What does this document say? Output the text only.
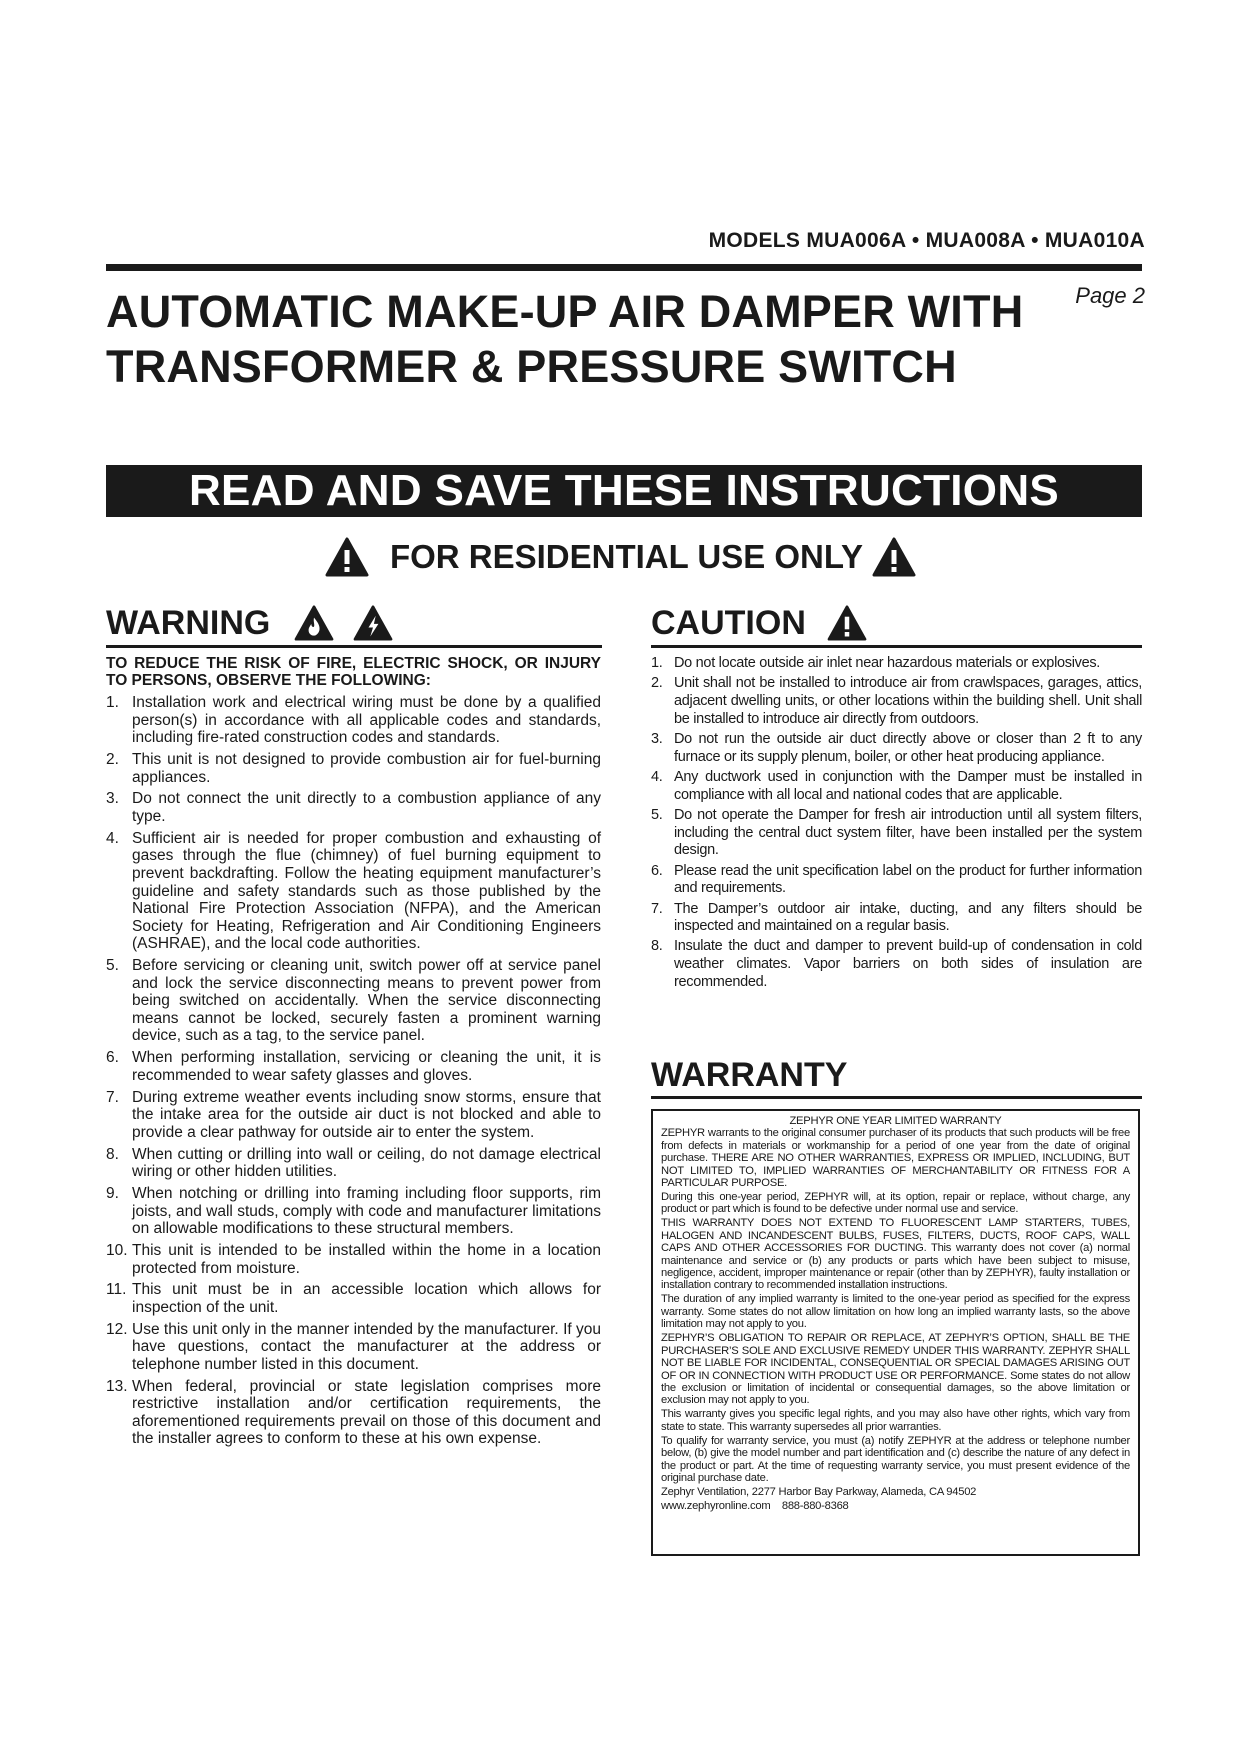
MODELS MUA006A • MUA008A • MUA010A
Page 2
AUTOMATIC MAKE-UP AIR DAMPER WITH TRANSFORMER & PRESSURE SWITCH
READ AND SAVE THESE INSTRUCTIONS
FOR RESIDENTIAL USE ONLY
WARNING	CAUTION

TO REDUCE THE RISK OF FIRE, ELECTRIC SHOCK, OR INJURY TO PERSONS, OBSERVE THE FOLLOWING:

1. Installation work and electrical wiring must be done by a qualified person(s) in accordance with all applicable codes and standards, including fire-rated construction codes and standards.
2. This unit is not designed to provide combustion air for fuel-burning appliances.
3. Do not connect the unit directly to a combustion appliance of any type.
4. Sufficient air is needed for proper combustion and exhausting of gases through the flue (chimney) of fuel burning equipment to prevent backdrafting. Follow the heating equipment manufacturer’s guideline and safety standards such as those published by the National Fire Protection Association (NFPA), and the American Society for Heating, Refrigeration and Air Conditioning Engineers (ASHRAE), and the local code authorities.
5. Before servicing or cleaning unit, switch power off at service panel and lock the service disconnecting means to prevent power from being switched on accidentally. When the service disconnecting means cannot be locked, securely fasten a prominent warning device, such as a tag, to the service panel.
6. When performing installation, servicing or cleaning the unit, it is recommended to wear safety glasses and gloves.
7. During extreme weather events including snow storms, ensure that the intake area for the outside air duct is not blocked and able to provide a clear pathway for outside air to enter the system.
8. When cutting or drilling into wall or ceiling, do not damage electrical wiring or other hidden utilities.
9. When notching or drilling into framing including floor supports, rim joists, and wall studs, comply with code and manufacturer limitations on allowable modifications to these structural members.
10. This unit is intended to be installed within the home in a location protected from moisture.
11. This unit must be in an accessible location which allows for inspection of the unit.
12. Use this unit only in the manner intended by the manufacturer. If you have questions, contact the manufacturer at the address or telephone number listed in this document.
13. When federal, provincial or state legislation comprises more restrictive installation and/or certification requirements, the aforementioned requirements prevail on those of this document and the installer agrees to conform to these at his own expense.
1. Do not locate outside air inlet near hazardous materials or explosives.
2. Unit shall not be installed to introduce air from crawlspaces, garages, attics, adjacent dwelling units, or other locations within the building shell. Unit shall be installed to introduce air directly from outdoors.
3. Do not run the outside air duct directly above or closer than 2 ft to any furnace or its supply plenum, boiler, or other heat producing appliance.
4. Any ductwork used in conjunction with the Damper must be installed in compliance with all local and national codes that are applicable.
5. Do not operate the Damper for fresh air introduction until all system filters, including the central duct system filter, have been installed per the system design.
6. Please read the unit specification label on the product for further information and requirements.
7. The Damper’s outdoor air intake, ducting, and any filters should be inspected and maintained on a regular basis.
8. Insulate the duct and damper to prevent build-up of condensation in cold weather climates. Vapor barriers on both sides of insulation are recommended.
WARRANTY

ZEPHYR ONE YEAR LIMITED WARRANTY

ZEPHYR warrants to the original consumer purchaser of its products that such products will be free from defects in materials or workmanship for a period of one year from the date of original purchase. THERE ARE NO OTHER WARRANTIES, EXPRESS OR IMPLIED, INCLUDING, BUT NOT LIMITED TO, IMPLIED WARRANTIES OF MERCHANTABILITY OR FITNESS FOR A PARTICULAR PURPOSE.

During this one-year period, ZEPHYR will, at its option, repair or replace, without charge, any product or part which is found to be defective under normal use and service.

THIS WARRANTY DOES NOT EXTEND TO FLUORESCENT LAMP STARTERS, TUBES, HALOGEN AND INCANDESCENT BULBS, FUSES, FILTERS, DUCTS, ROOF CAPS, WALL CAPS AND OTHER ACCESSORIES FOR DUCTING. This warranty does not cover (a) normal maintenance and service or (b) any products or parts which have been subject to misuse, negligence, accident, improper maintenance or repair (other than by ZEPHYR), faulty installation or installation contrary to recommended installation instructions.

The duration of any implied warranty is limited to the one-year period as specified for the express warranty. Some states do not allow limitation on how long an implied warranty lasts, so the above limitation may not apply to you.

ZEPHYR’S OBLIGATION TO REPAIR OR REPLACE, AT ZEPHYR’S OPTION, SHALL BE THE PURCHASER’S SOLE AND EXCLUSIVE REMEDY UNDER THIS WARRANTY. ZEPHYR SHALL NOT BE LIABLE FOR INCIDENTAL, CONSEQUENTIAL OR SPECIAL DAMAGES ARISING OUT OF OR IN CONNECTION WITH PRODUCT USE OR PERFORMANCE. Some states do not allow the exclusion or limitation of incidental or consequential damages, so the above limitation or exclusion may not apply to you.

This warranty gives you specific legal rights, and you may also have other rights, which vary from state to state. This warranty supersedes all prior warranties.

To qualify for warranty service, you must (a) notify ZEPHYR at the address or telephone number below, (b) give the model number and part identification and (c) describe the nature of any defect in the product or part. At the time of requesting warranty service, you must present evidence of the original purchase date.

Zephyr Ventilation, 2277 Harbor Bay Parkway, Alameda, CA 94502

www.zephyronline.com    888-880-8368
